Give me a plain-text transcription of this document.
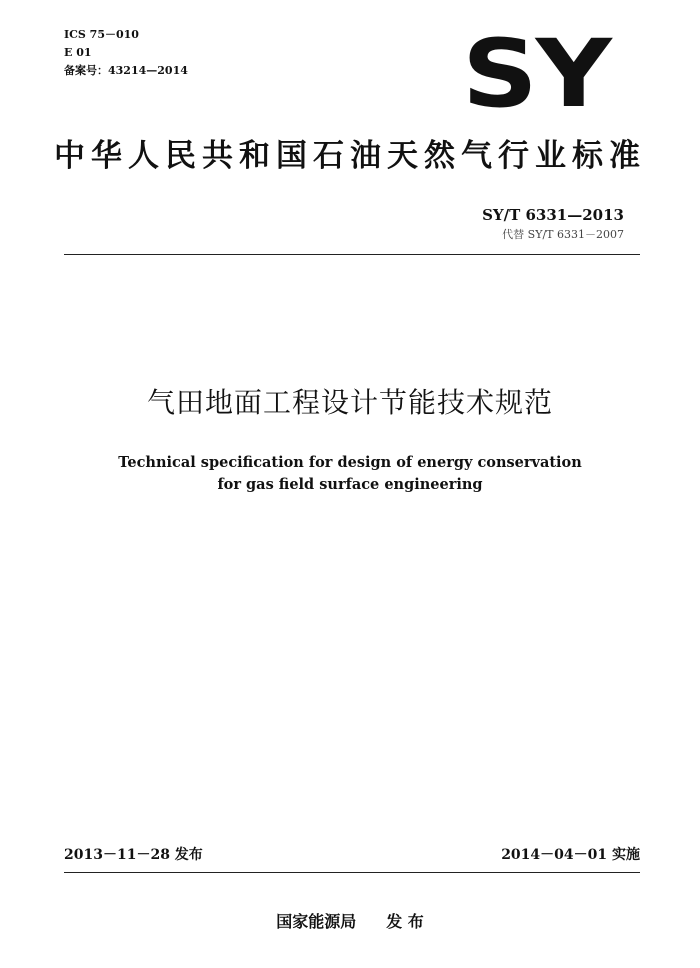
ICS 75－010
E 01
备案号：43214—2014	SY
中华人民共和国石油天然气行业标准
SY/T 6331—2013
代替 SY/T 6331－2007
气田地面工程设计节能技术规范
Technical specification for design of energy conservation
for gas field surface engineering
2013－11－28 发布	2014－04－01 实施
国家能源局 发 布
